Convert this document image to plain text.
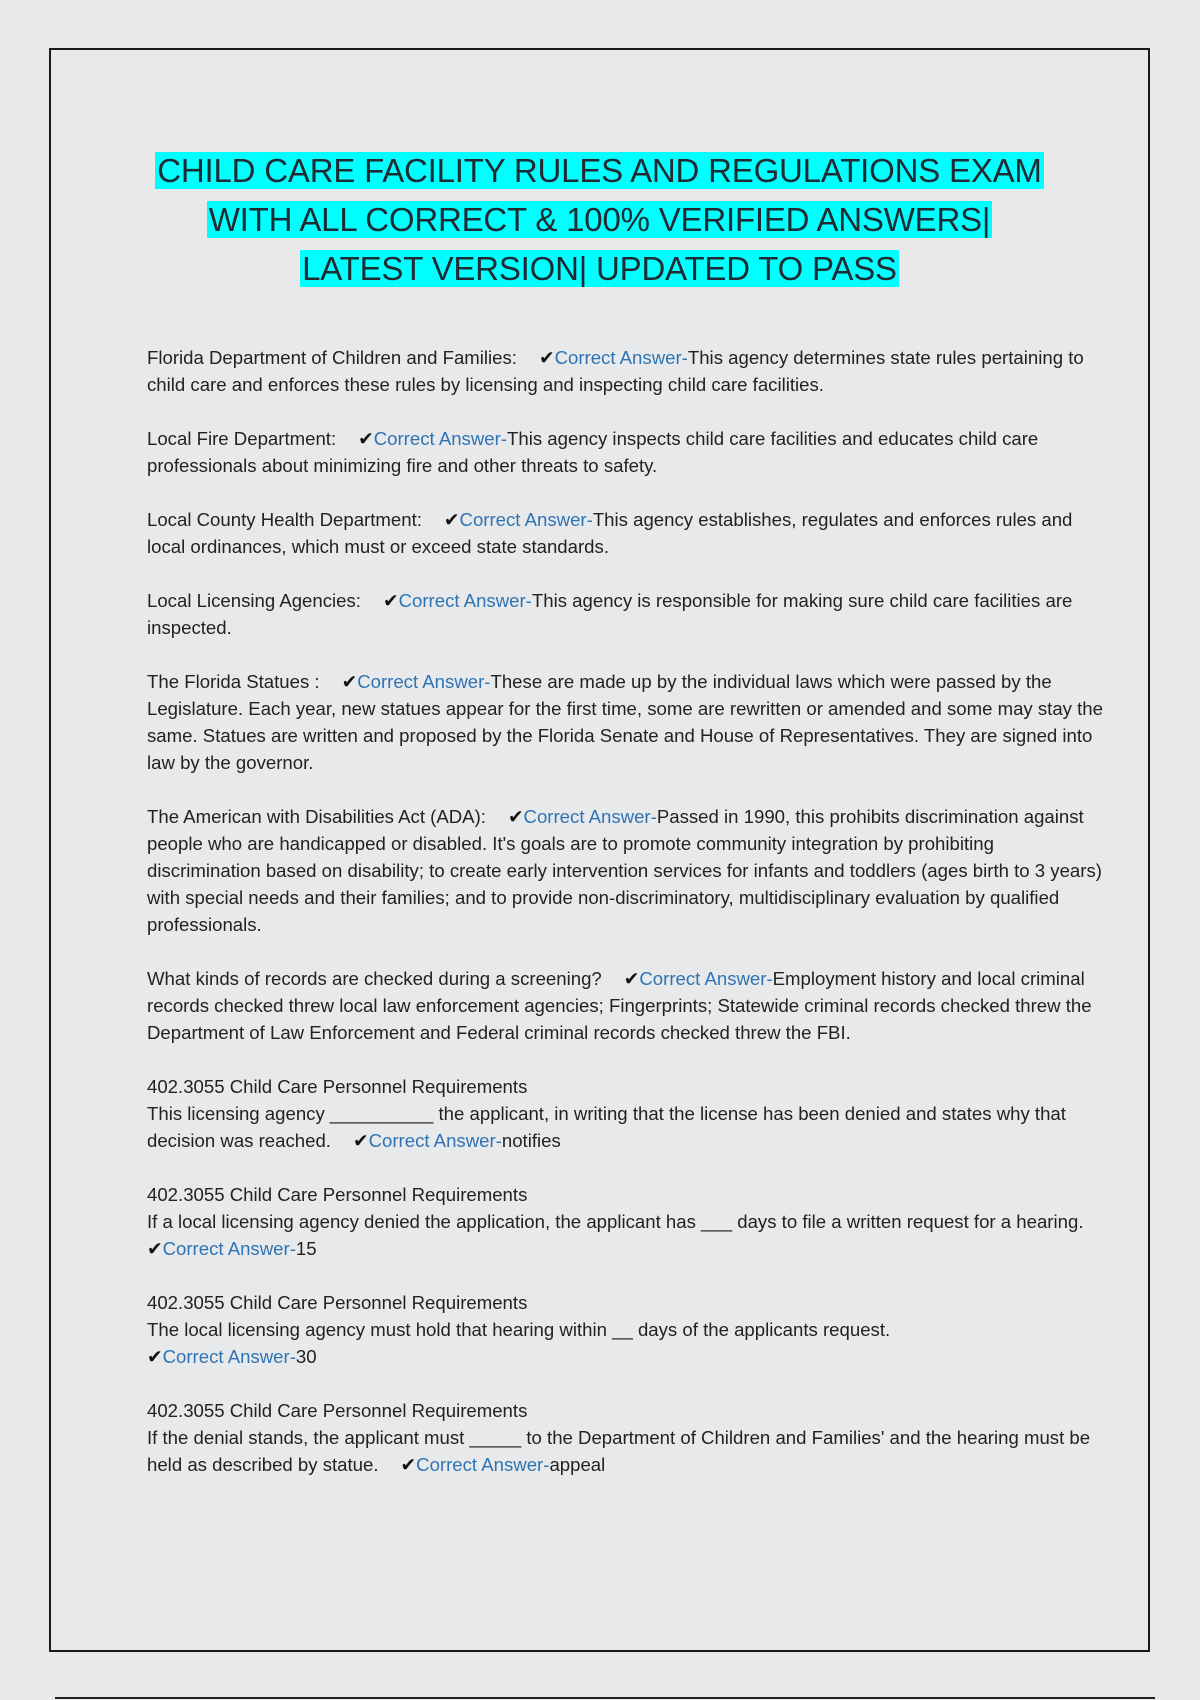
CHILD CARE FACILITY RULES AND REGULATIONS EXAM
WITH ALL CORRECT & 100% VERIFIED ANSWERS|
LATEST VERSION| UPDATED TO PASS
Florida Department of Children and Families: ✔Correct Answer-This agency determines state rules pertaining to child care and enforces these rules by licensing and inspecting child care facilities.
Local Fire Department: ✔Correct Answer-This agency inspects child care facilities and educates child care professionals about minimizing fire and other threats to safety.
Local County Health Department: ✔Correct Answer-This agency establishes, regulates and enforces rules and local ordinances, which must or exceed state standards.
Local Licensing Agencies: ✔Correct Answer-This agency is responsible for making sure child care facilities are inspected.
The Florida Statues : ✔Correct Answer-These are made up by the individual laws which were passed by the Legislature. Each year, new statues appear for the first time, some are rewritten or amended and some may stay the same. Statues are written and proposed by the Florida Senate and House of Representatives. They are signed into law by the governor.
The American with Disabilities Act (ADA): ✔Correct Answer-Passed in 1990, this prohibits discrimination against people who are handicapped or disabled. It's goals are to promote community integration by prohibiting discrimination based on disability; to create early intervention services for infants and toddlers (ages birth to 3 years) with special needs and their families; and to provide non-discriminatory, multidisciplinary evaluation by qualified professionals.
What kinds of records are checked during a screening? ✔Correct Answer-Employment history and local criminal records checked threw local law enforcement agencies; Fingerprints; Statewide criminal records checked threw the Department of Law Enforcement and Federal criminal records checked threw the FBI.
402.3055 Child Care Personnel Requirements
This licensing agency __________ the applicant, in writing that the license has been denied and states why that decision was reached. ✔Correct Answer-notifies
402.3055 Child Care Personnel Requirements
If a local licensing agency denied the application, the applicant has ___ days to file a written request for a hearing.✔Correct Answer-15
402.3055 Child Care Personnel Requirements
The local licensing agency must hold that hearing within __ days of the applicants request.
✔Correct Answer-30
402.3055 Child Care Personnel Requirements
If the denial stands, the applicant must _____ to the Department of Children and Families' and the hearing must be held as described by statue. ✔Correct Answer-appeal
